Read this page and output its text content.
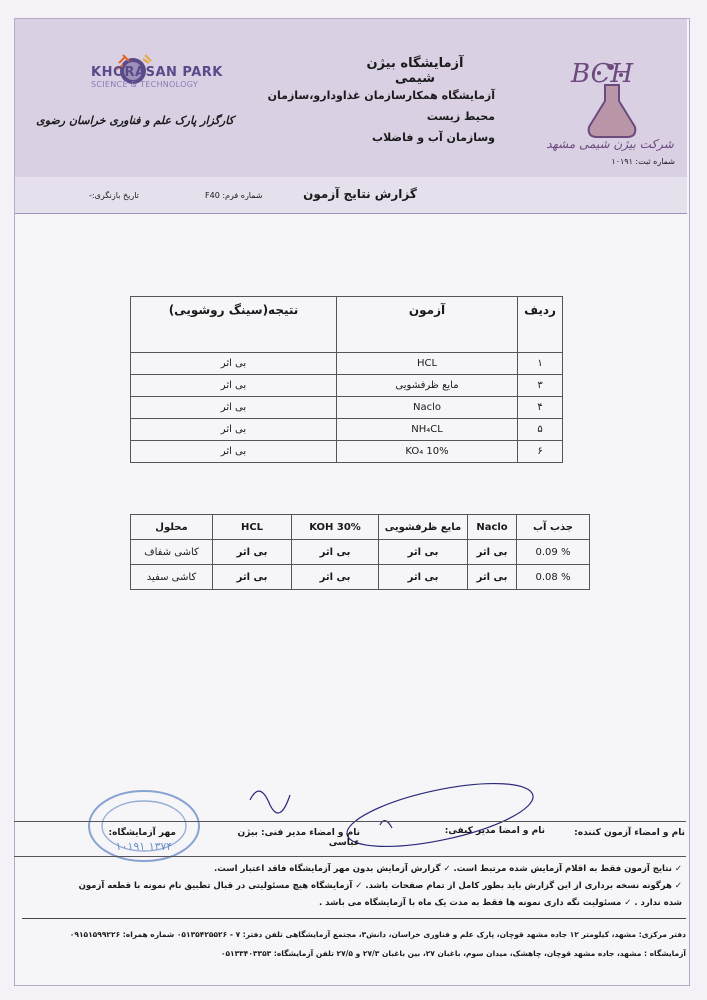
KHORASAN PARK
SCIENCE & TECHNOLOGY
کارگزار پارک علم و فناوری خراسان رضوی
آزمایشگاه بیژن شیمی
آزمایشگاه همکارسازمان غذاودارو،سازمان محیط زیست
وسازمان آب و فاضلاب
BCH
شرکت بیژن شیمی مشهد
شماره ثبت: ۱۰۱۹۱
گزارش نتایج آزمون
شماره فرم: F40
تاریخ بازنگری:-
ردیف	آزمون	نتیجه(سینگ روشویی)
۱	HCL	بی اثر
۳	مایع ظرفشویی	بی اثر
۴	Naclo	بی اثر
۵	NH₄CL	بی اثر
۶	KO₄ 10%	بی اثر
جذب آب	Naclo	مایع ظرفشویی	KOH 30%	HCL	محلول
% 0.09	بی اثر	بی اثر	بی اثر	بی اثر	کاشی شفاف
% 0.08	بی اثر	بی اثر	بی اثر	بی اثر	کاشی سفید
۱۰۱۹۱ ۱۳۷۴
نام و امضاء آزمون کننده:
نام و امضا مدیر کیفی:
نام و امضاء مدیر فنی: بیژن عباسی
مهر آزمایشگاه:
✓ نتایج آزمون فقط به اقلام آزمایش شده مرتبط است. ✓ گزارش آزمایش بدون مهر آزمایشگاه فاقد اعتبار است.
✓ هرگونه نسخه برداری از این گزارش باید بطور کامل از تمام صفحات باشد. ✓ آزمایشگاه هیچ مسئولیتی در قبال تطبیق نام نمونه با قطعه آزمون
شده ندارد . ✓ مسئولیت نگه داری نمونه ها فقط به مدت یک ماه با آزمایشگاه می باشد .
دفتر مرکزی: مشهد، کیلومتر ۱۲ جاده مشهد قوچان، پارک علم و فناوری خراسان، دانش۳، مجتمع آزمایشگاهی تلفن دفتر: ۷ - ۰۵۱۳۵۴۲۵۵۲۶ شماره همراه: ۰۹۱۵۱۵۹۹۲۲۶
آزمایشگاه : مشهد، جاده مشهد قوچان، چاهشک، میدان سوم، باغبان ۲۷، بین باغبان ۲۷/۳ و ۲۷/۵ تلفن آزمایشگاه: ۰۵۱۳۳۴۰۳۳۵۳
